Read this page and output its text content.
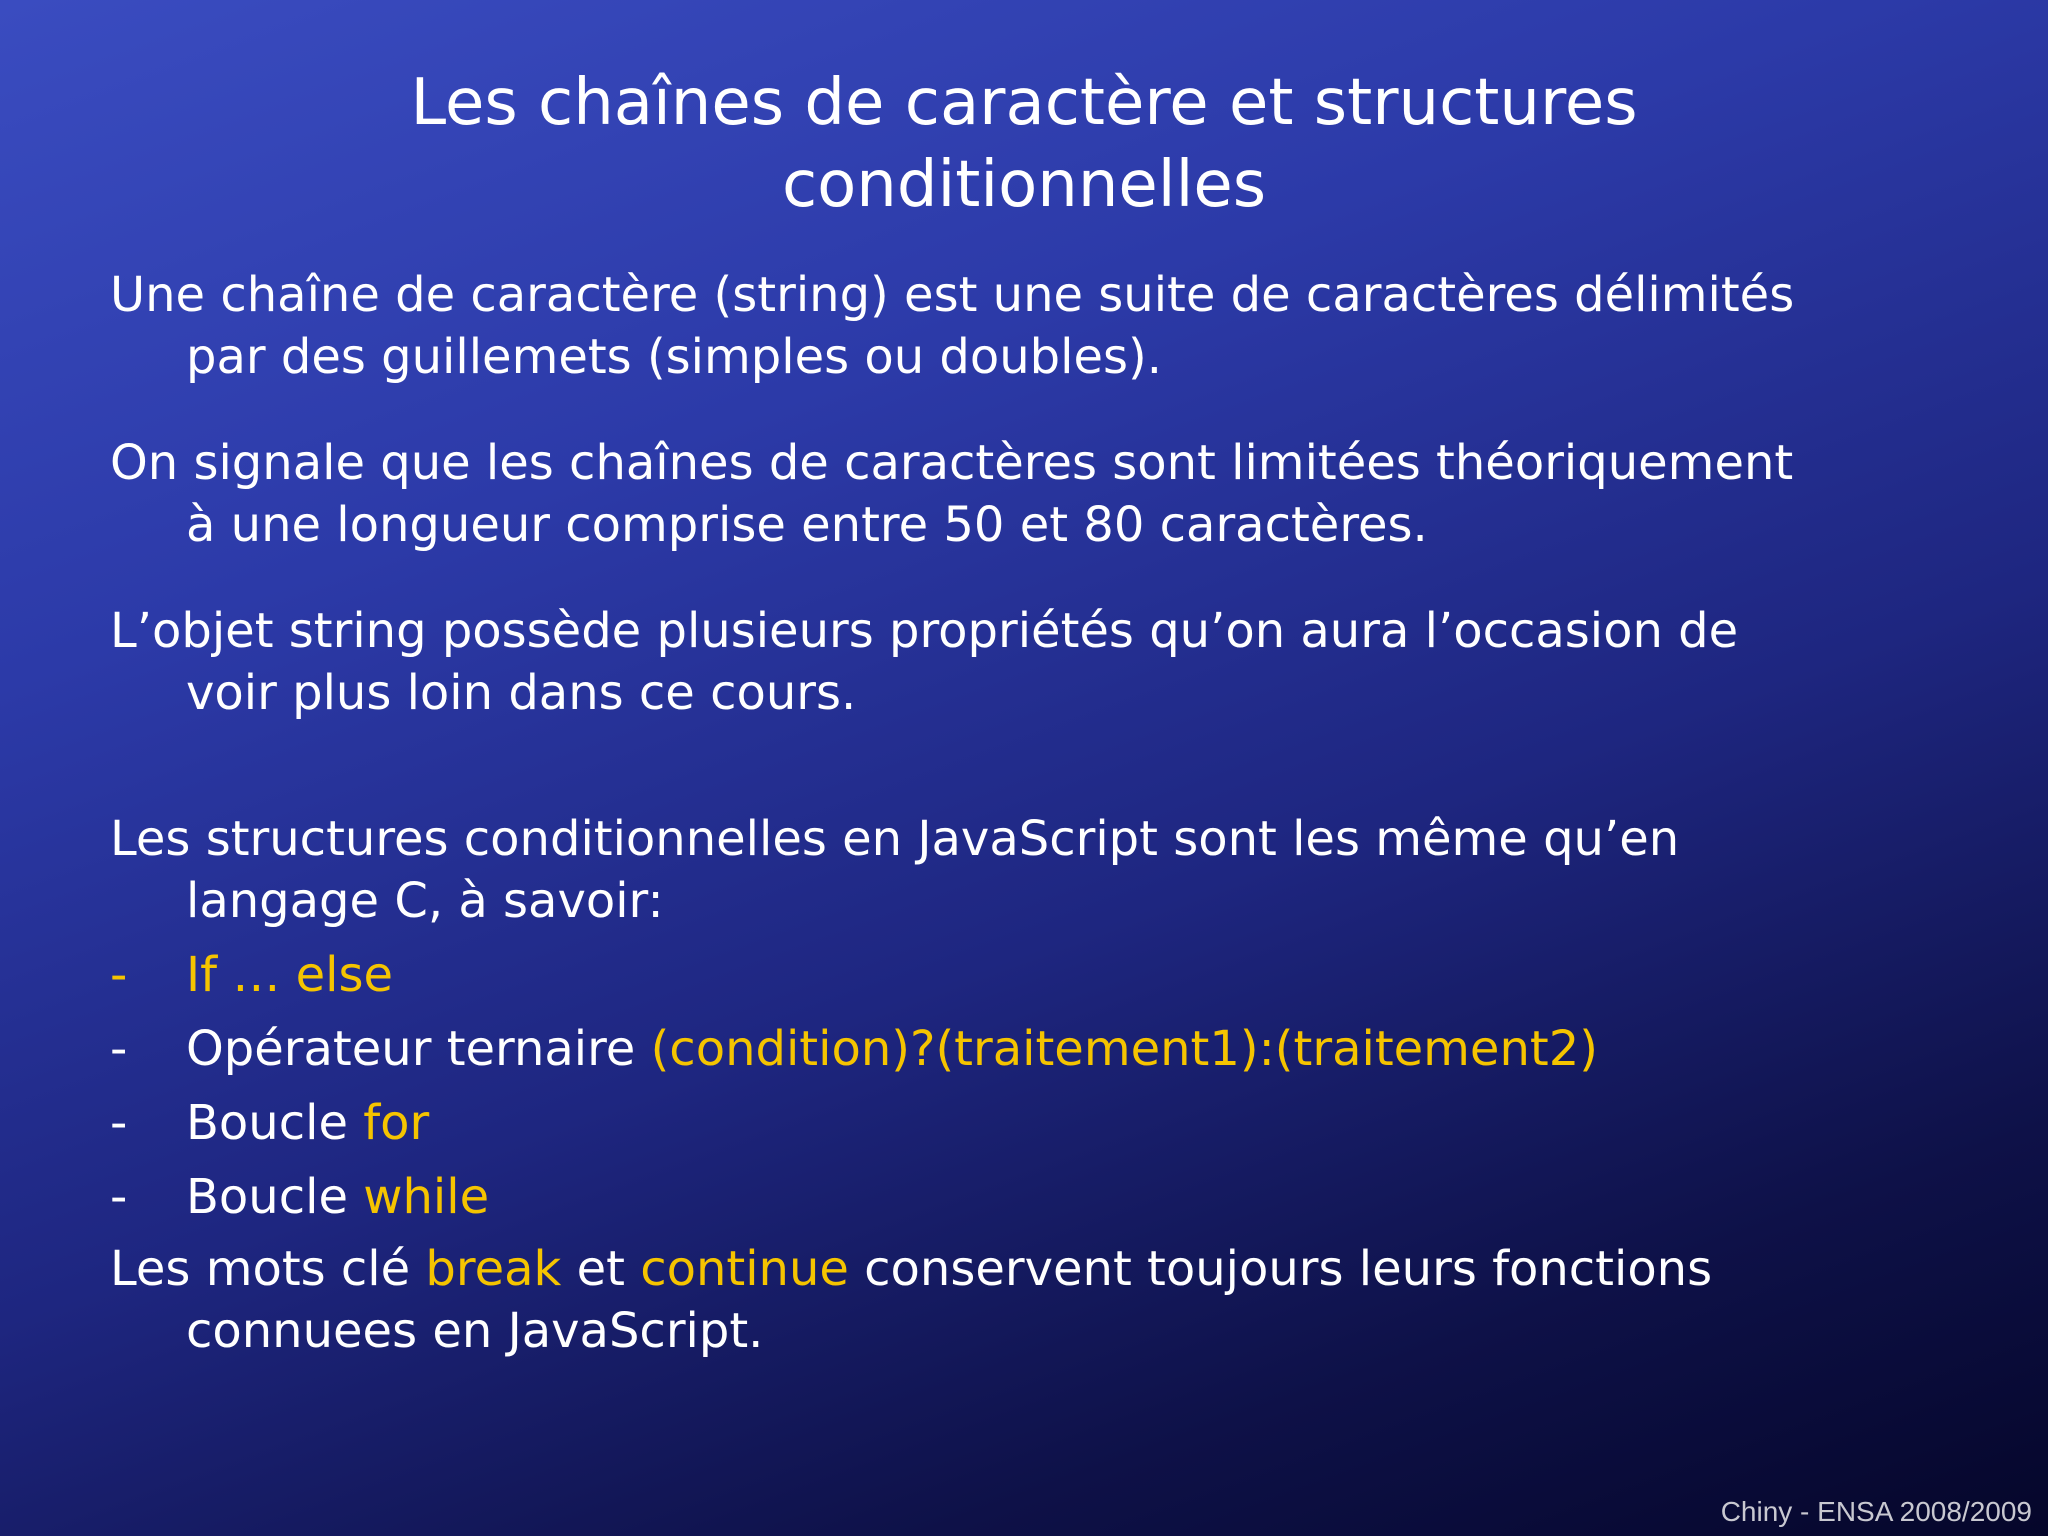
Les chaînes de caractère et structures
conditionnelles

Une chaîne de caractère (string) est une suite de caractères délimités
par des guillemets (simples ou doubles).

On signale que les chaînes de caractères sont limitées théoriquement
à une longueur comprise entre 50 et 80 caractères.

L’objet string possède plusieurs propriétés qu’on aura l’occasion de
voir plus loin dans ce cours.

Les structures conditionnelles en JavaScript sont les même qu’en
langage C, à savoir:

- If … else
- Opérateur ternaire (condition)?(traitement1):(traitement2)
- Boucle for
- Boucle while

Les mots clé break et continue conservent toujours leurs fonctions
connuees en JavaScript.

Chiny - ENSA 2008/2009
